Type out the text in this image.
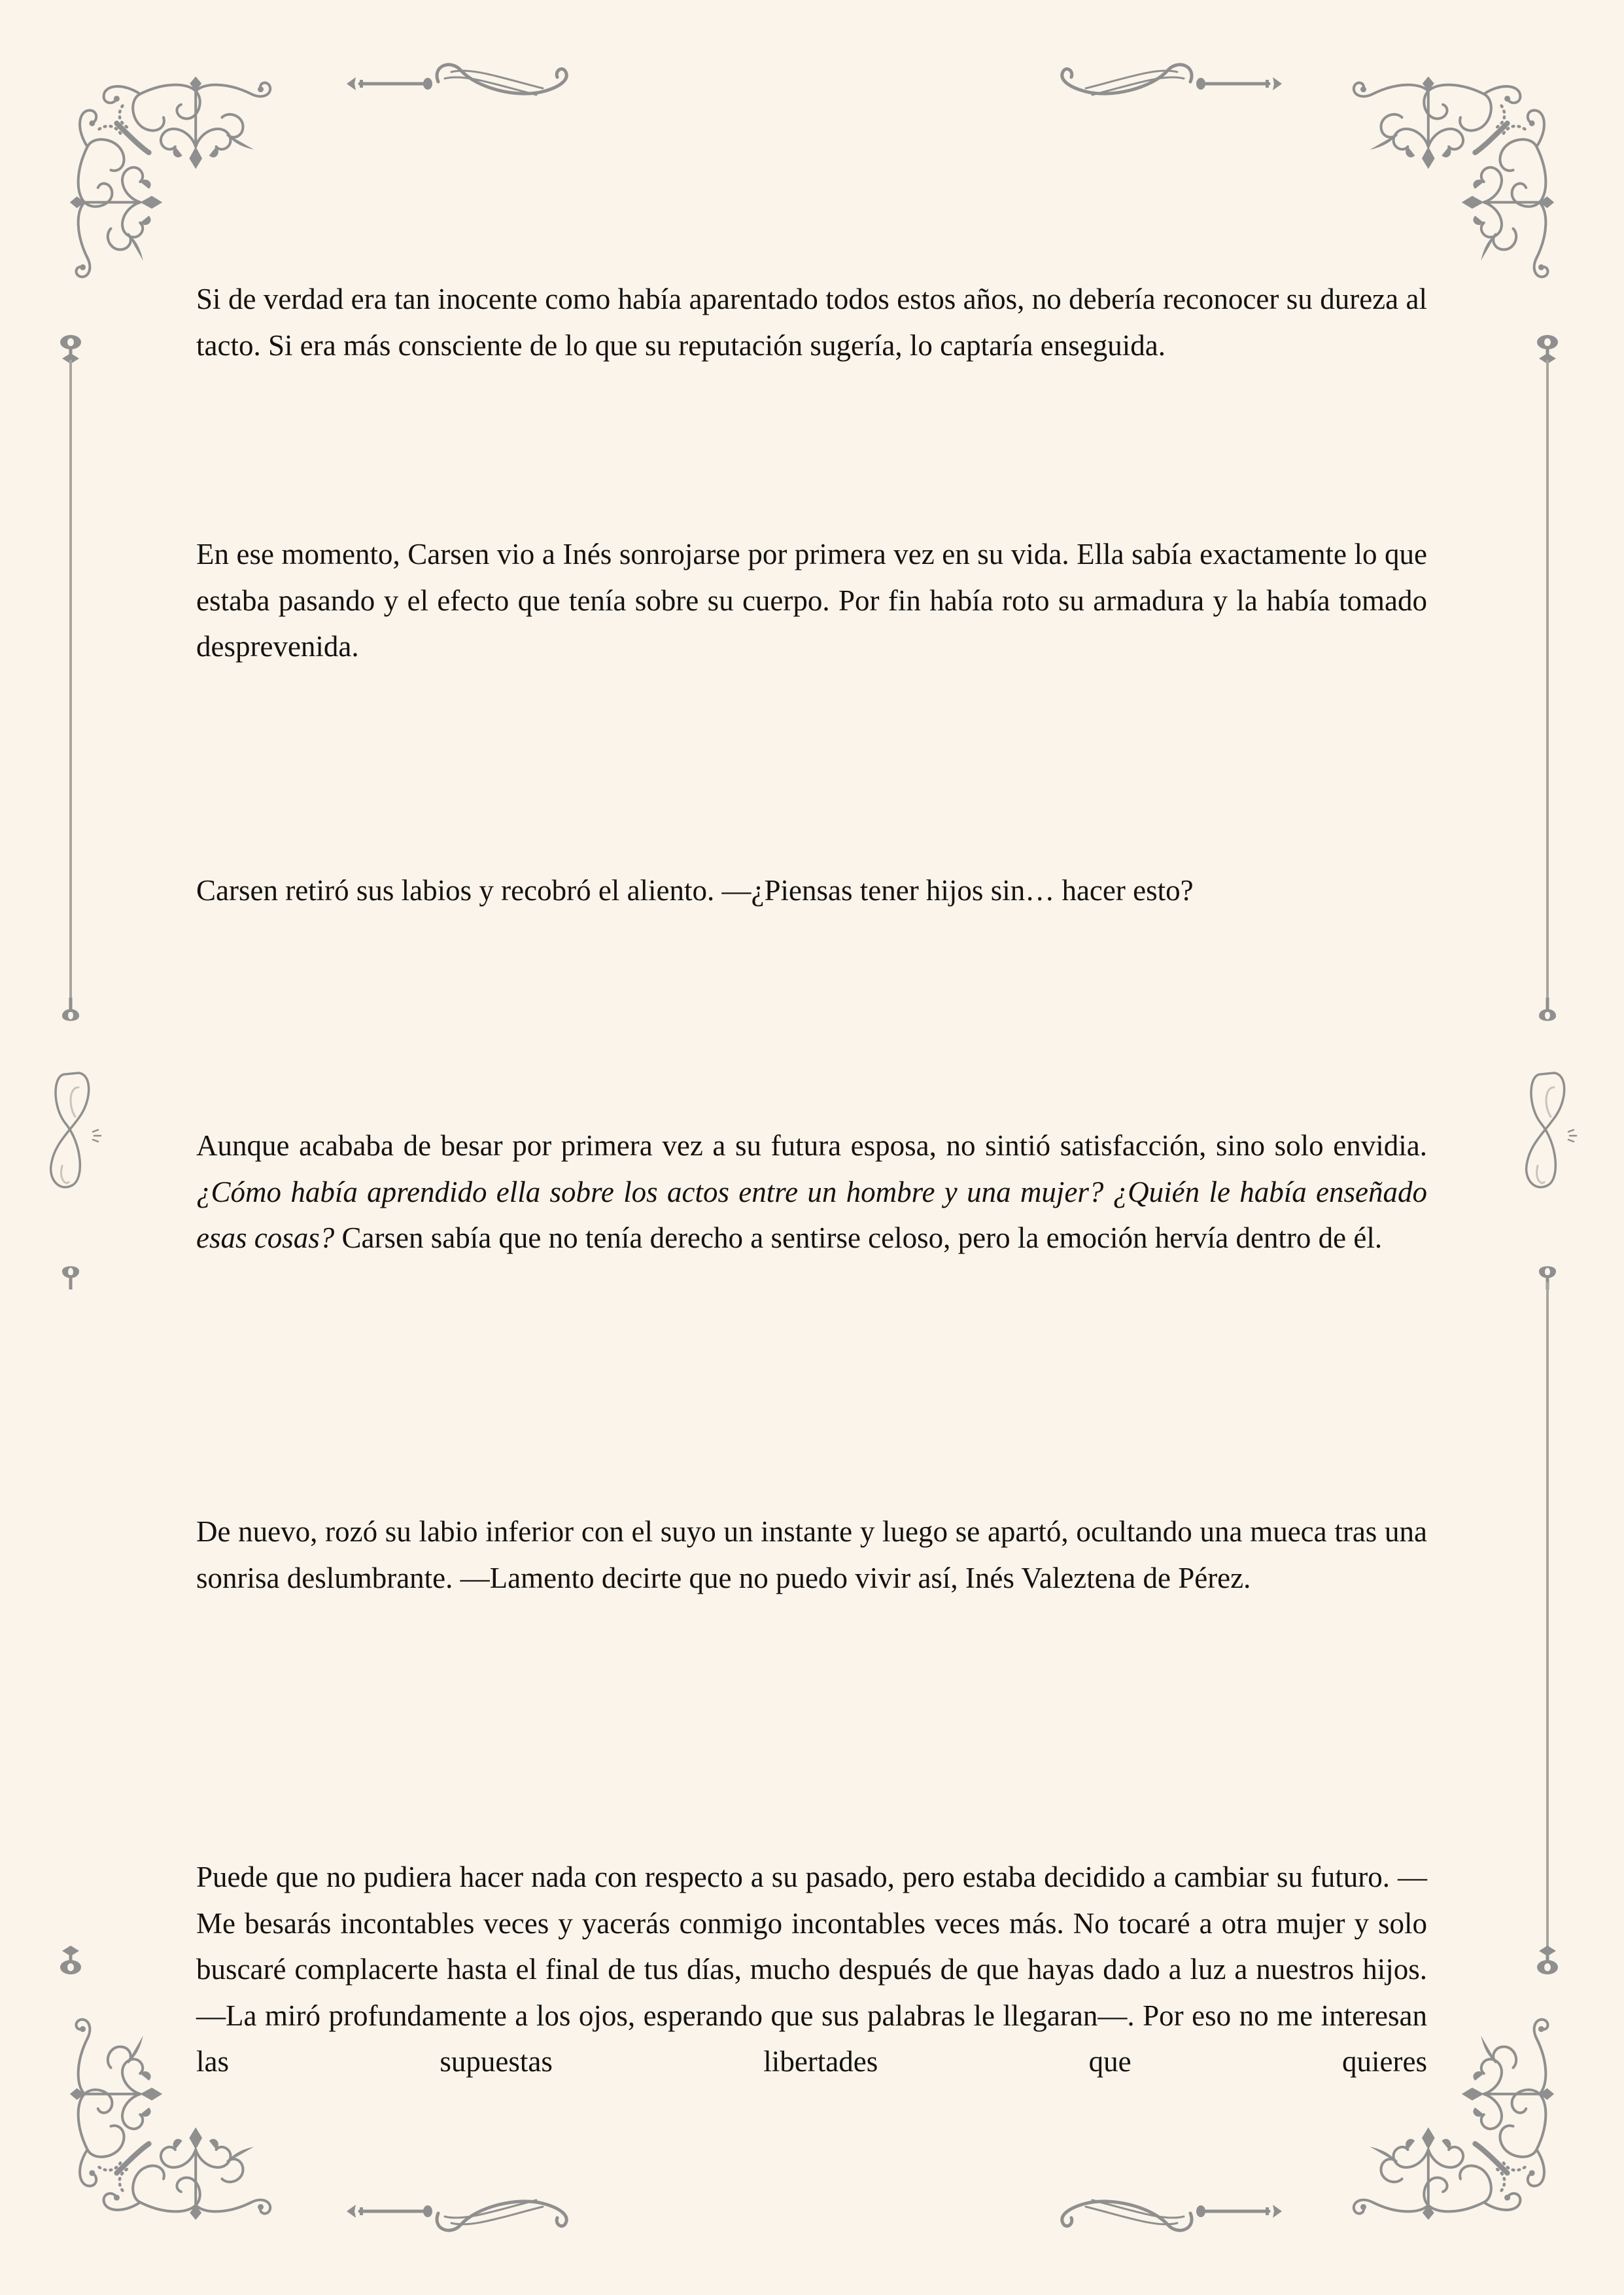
Si de verdad era tan inocente como había aparentado todos estos años, no debería reconocer su dureza al tacto. Si era más consciente de lo que su reputación sugería, lo captaría enseguida.

En ese momento, Carsen vio a Inés sonrojarse por primera vez en su vida. Ella sabía exactamente lo que estaba pasando y el efecto que tenía sobre su cuerpo. Por fin había roto su armadura y la había tomado desprevenida.

Carsen retiró sus labios y recobró el aliento. —¿Piensas tener hijos sin… hacer esto?

Aunque acababa de besar por primera vez a su futura esposa, no sintió satisfacción, sino solo envidia. ¿Cómo había aprendido ella sobre los actos entre un hombre y una mujer? ¿Quién le había enseñado esas cosas? Carsen sabía que no tenía derecho a sentirse celoso, pero la emoción hervía dentro de él.

De nuevo, rozó su labio inferior con el suyo un instante y luego se apartó, ocultando una mueca tras una sonrisa deslumbrante. —Lamento decirte que no puedo vivir así, Inés Valeztena de Pérez.

Puede que no pudiera hacer nada con respecto a su pasado, pero estaba decidido a cambiar su futuro. —Me besarás incontables veces y yacerás conmigo incontables veces más. No tocaré a otra mujer y solo buscaré complacerte hasta el final de tus días, mucho después de que hayas dado a luz a nuestros hijos. —La miró profundamente a los ojos, esperando que sus palabras le llegaran—. Por eso no me interesan las supuestas libertades que quieres
